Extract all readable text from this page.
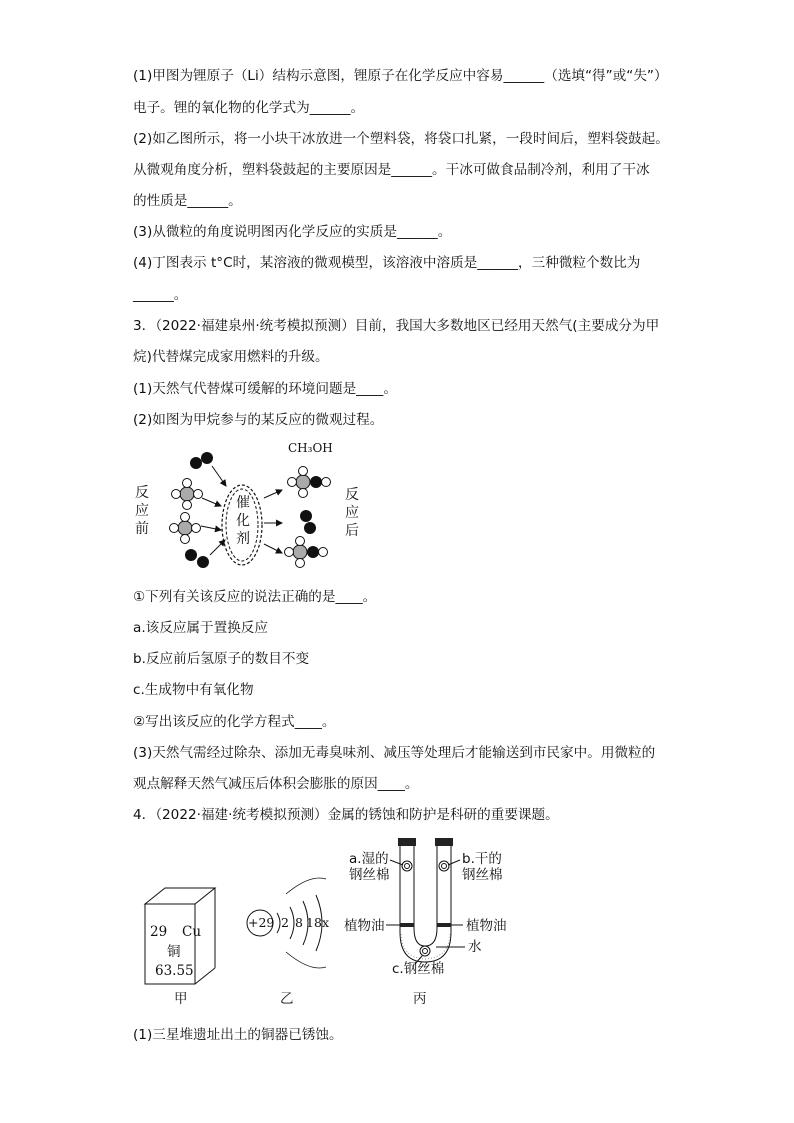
(1)甲图为锂原子（Li）结构示意图，锂原子在化学反应中容易______（选填“得”或“失”）
电子。锂的氧化物的化学式为______。
(2)如乙图所示，将一小块干冰放进一个塑料袋，将袋口扎紧，一段时间后，塑料袋鼓起。
从微观角度分析，塑料袋鼓起的主要原因是______。干冰可做食品制冷剂，利用了干冰
的性质是______。
(3)从微粒的角度说明图丙化学反应的实质是______。
(4)丁图表示 t°C时，某溶液的微观模型，该溶液中溶质是______，三种微粒个数比为
______。
3．（2022·福建泉州·统考模拟预测）目前，我国大多数地区已经用天然气(主要成分为甲
烷)代替煤完成家用燃料的升级。
(1)天然气代替煤可缓解的环境问题是____。
(2)如图为甲烷参与的某反应的微观过程。
反应前
反应后
CH₃OH
催化剂
①下列有关该反应的说法正确的是____。
a.该反应属于置换反应
b.反应前后氢原子的数目不变
c.生成物中有氧化物
②写出该反应的化学方程式____。
(3)天然气需经过除杂、添加无毒臭味剂、减压等处理后才能输送到市民家中。用微粒的
观点解释天然气减压后体积会膨胀的原因____。
4．（2022·福建·统考模拟预测）金属的锈蚀和防护是科研的重要课题。
29 Cu
铜
63.55
+29 2 8 18 x
a.湿的
钢丝棉
b.干的
钢丝棉
植物油	植物油
水
c.钢丝棉
甲	乙	丙
(1)三星堆遗址出土的铜器已锈蚀。
